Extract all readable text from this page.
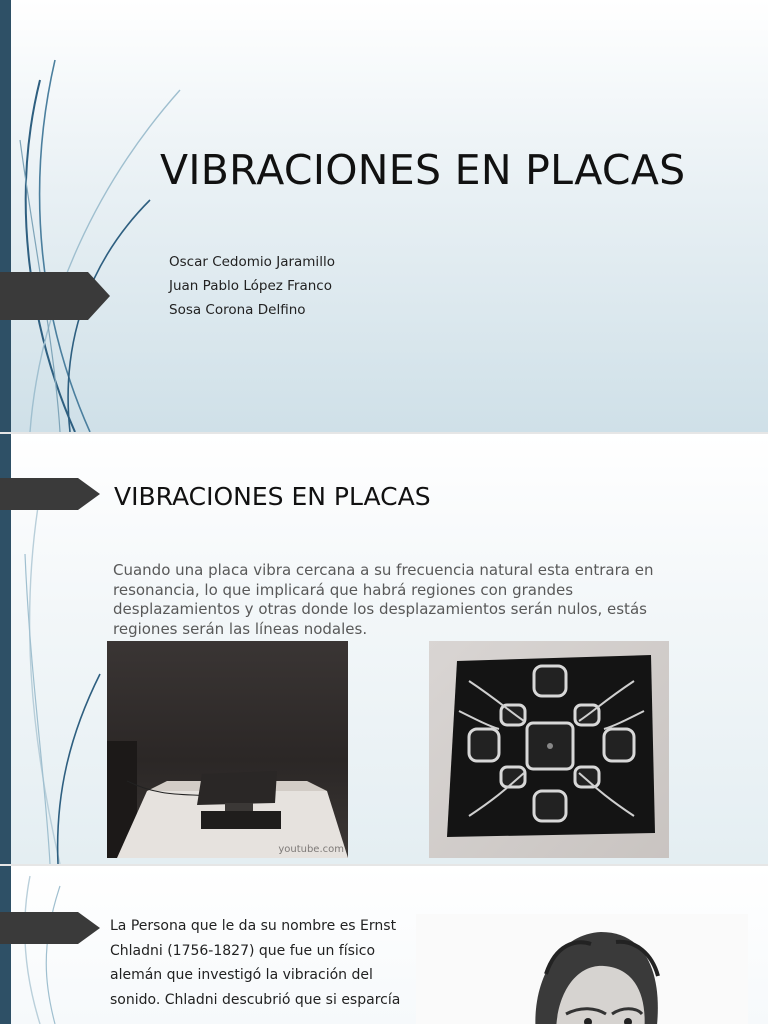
VIBRACIONES EN PLACAS
Oscar Cedomio Jaramillo
Juan Pablo López Franco
Sosa Corona Delfino
VIBRACIONES EN PLACAS

Cuando una placa vibra cercana a su frecuencia natural esta entrara en resonancia, lo que implicará que habrá regiones con grandes desplazamientos y otras donde los desplazamientos serán nulos, estás regiones serán las líneas nodales.

youtube.com

La Persona que le da su nombre es Ernst Chladni (1756-1827) que fue un físico alemán que investigó la vibración del sonido. Chladni descubrió que si esparcía
